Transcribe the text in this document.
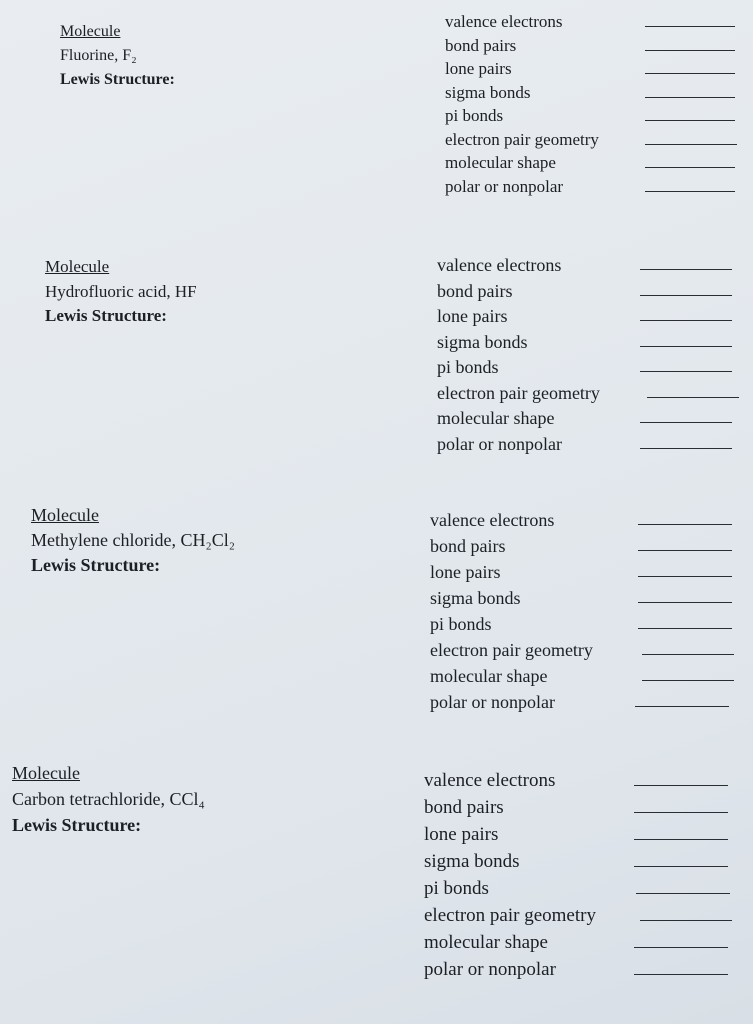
Molecule
Fluorine, F₂
Lewis Structure:
valence electrons
bond pairs
lone pairs
sigma bonds
pi bonds
electron pair geometry
molecular shape
polar or nonpolar
Molecule
Hydrofluoric acid, HF
Lewis Structure:
valence electrons
bond pairs
lone pairs
sigma bonds
pi bonds
electron pair geometry
molecular shape
polar or nonpolar
Molecule
Methylene chloride, CH₂Cl₂
Lewis Structure:
valence electrons
bond pairs
lone pairs
sigma bonds
pi bonds
electron pair geometry
molecular shape
polar or nonpolar
Molecule
Carbon tetrachloride, CCl₄
Lewis Structure:
valence electrons
bond pairs
lone pairs
sigma bonds
pi bonds
electron pair geometry
molecular shape
polar or nonpolar
